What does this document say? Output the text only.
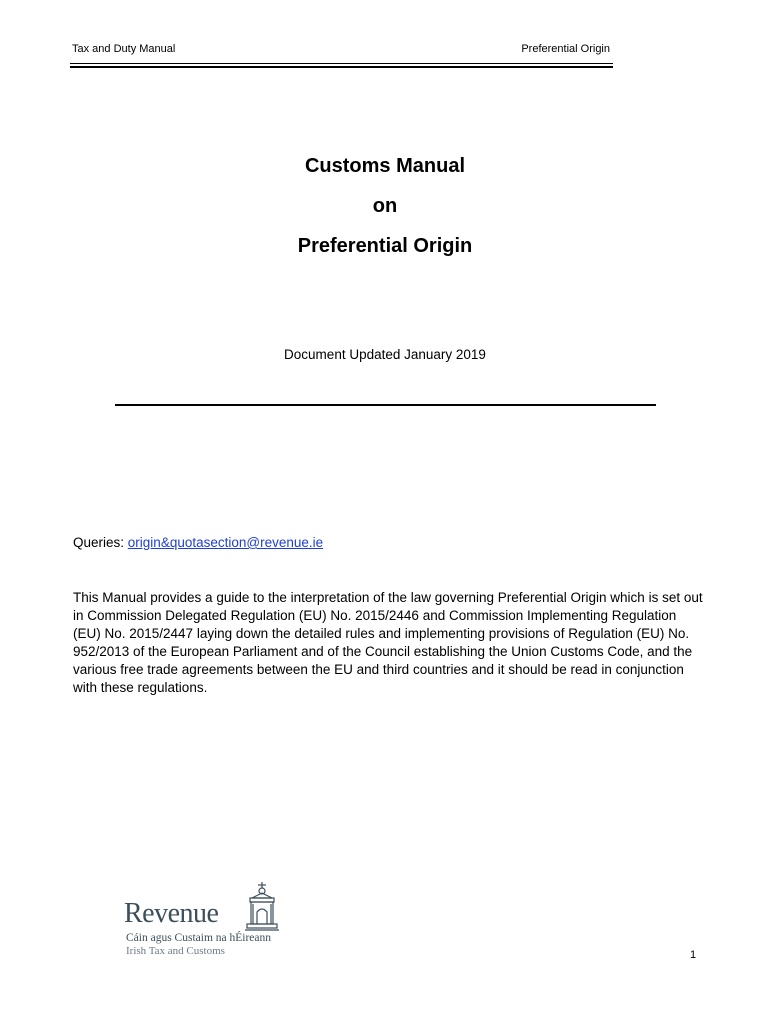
Tax and Duty Manual	Preferential Origin
Customs Manual
on
Preferential Origin
Document Updated January 2019
Queries: origin&quotasection@revenue.ie
This Manual provides a guide to the interpretation of the law governing Preferential Origin which is set out in Commission Delegated Regulation (EU) No. 2015/2446 and Commission Implementing Regulation (EU) No. 2015/2447 laying down the detailed rules and implementing provisions of Regulation (EU) No. 952/2013 of the European Parliament and of the Council establishing the Union Customs Code, and the various free trade agreements between the EU and third countries and it should be read in conjunction with these regulations.
Revenue
Cáin agus Custaim na hÉireann
Irish Tax and Customs	1
